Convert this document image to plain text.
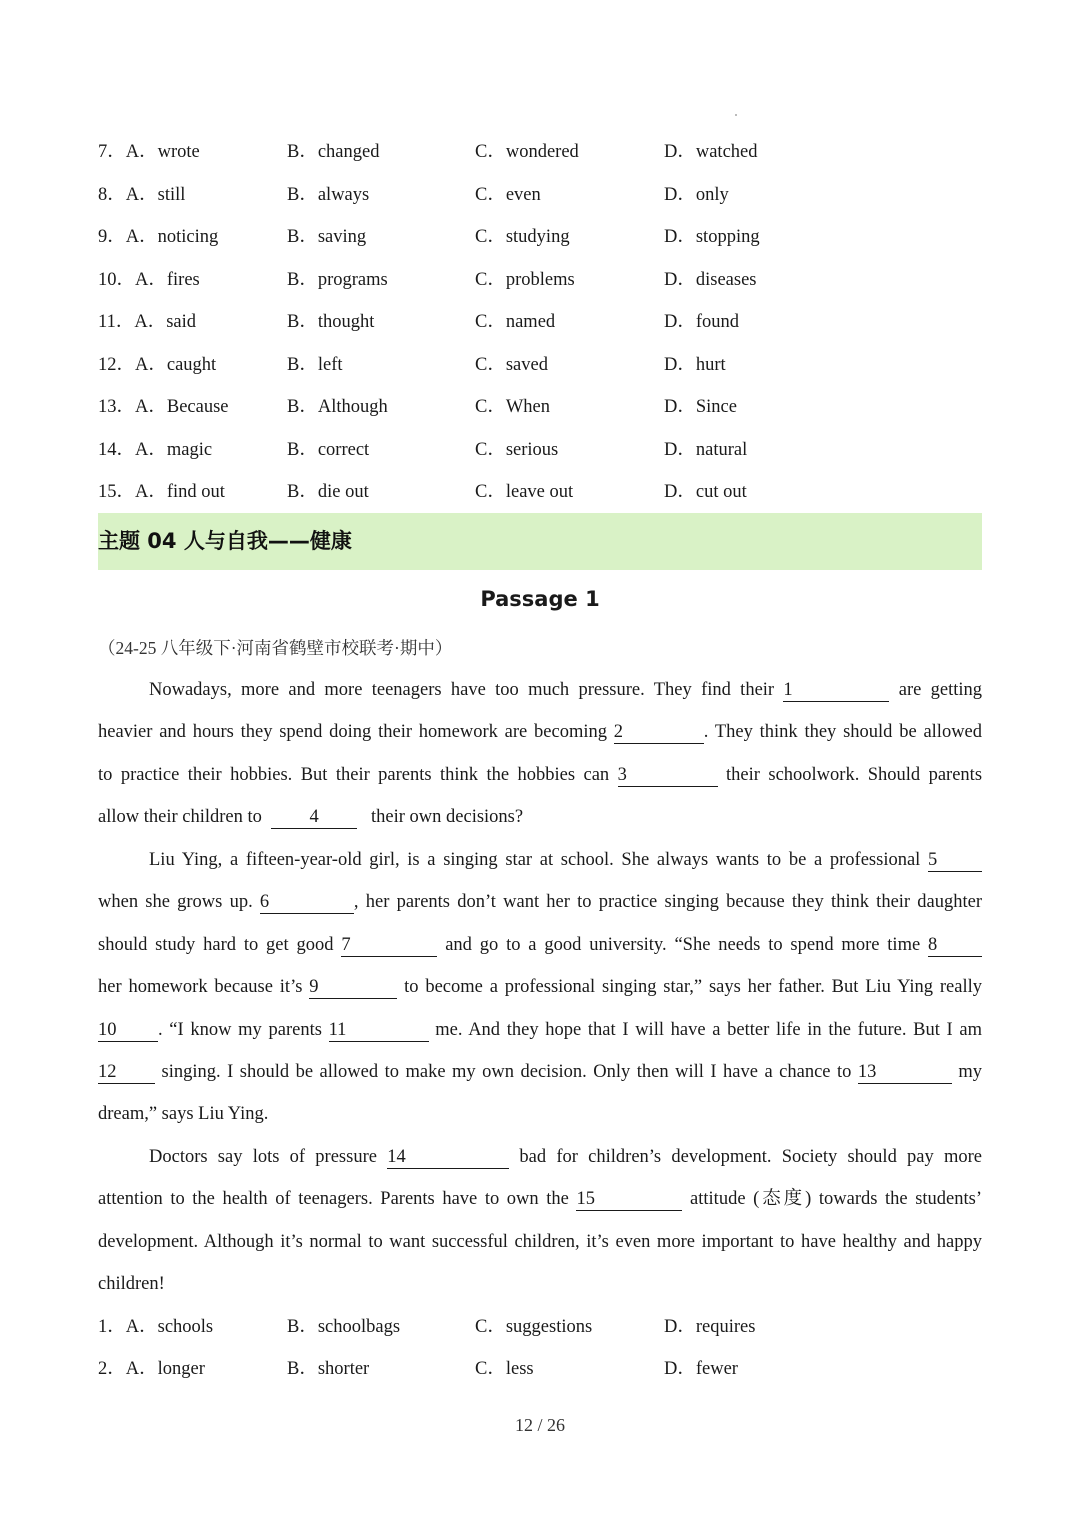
7．A．wrote	B．changed	C．wondered	D．watched
8．A．still	B．always	C．even	D．only
9．A．noticing	B．saving	C．studying	D．stopping
10．A．fires	B．programs	C．problems	D．diseases
11．A．said	B．thought	C．named	D．found
12．A．caught	B．left	C．saved	D．hurt
13．A．Because	B．Although	C．When	D．Since
14．A．magic	B．correct	C．serious	D．natural
15．A．find out	B．die out	C．leave out	D．cut out
主题 04 人与自我——健康
Passage 1
（24-25 八年级下·河南省鹤壁市校联考·期中）
Nowadays, more and more teenagers have too much pressure. They find their 1	are getting
heavier and hours they spend doing their homework are becoming 2	. They think they should be allowed
to practice their hobbies. But their parents think the hobbies can 3	their schoolwork. Should parents
allow their children to	4	their own decisions?
Liu Ying, a fifteen-year-old girl, is a singing star at school. She always wants to be a professional 5
when she grows up. 6	, her parents don’t want her to practice singing because they think their daughter
should study hard to get good 7	and go to a good university. “She needs to spend more time 8
her homework because it’s 9	to become a professional singing star,” says her father. But Liu Ying really
10 . “I know my parents 11	me. And they hope that I will have a better life in the future. But I am
12 singing. I should be allowed to make my own decision. Only then will I have a chance to 13	my
dream,” says Liu Ying.
Doctors say lots of pressure 14	bad for children’s development. Society should pay more
attention to the health of teenagers. Parents have to own the 15	attitude (态度) towards the students’
development. Although it’s normal to want successful children, it’s even more important to have healthy and happy
children!
1．A．schools	B．schoolbags	C．suggestions	D．requires
2．A．longer	B．shorter	C．less	D．fewer
12 / 26
